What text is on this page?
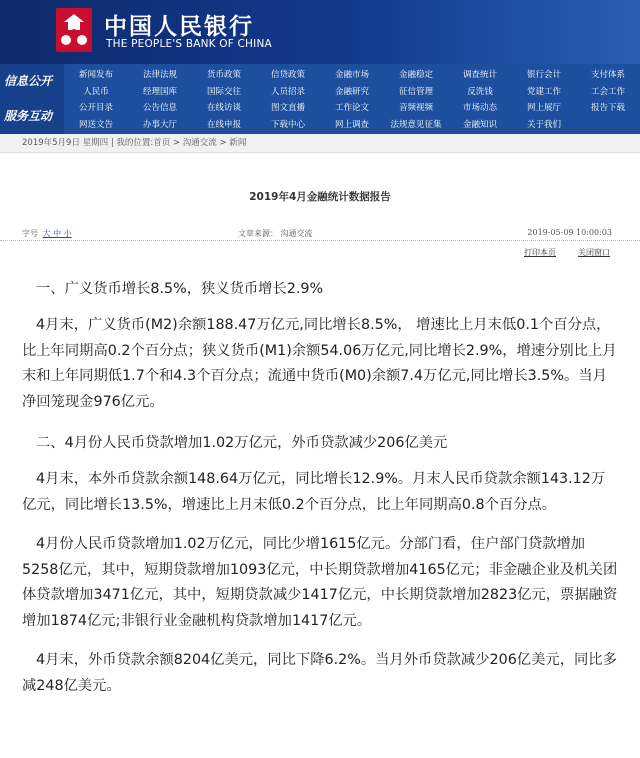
中国人民银行
THE PEOPLE'S BANK OF CHINA
信息公开
服务互动
新闻发布	法律法规	货币政策	信贷政策	金融市场	金融稳定	调查统计	银行会计	支付体系
人民币	经理国库	国际交往	人员招录	金融研究	征信管理	反洗钱	党建工作	工会工作
公开目录	公告信息	在线访谈	图文直播	工作论文	音频视频	市场动态	网上展厅	报告下载
网送文告	办事大厅	在线申报	下载中心	网上调查	法规意见征集	金融知识	关于我们
2019年5月9日 星期四 | 我的位置:首页 > 沟通交流 > 新闻
2019年4月金融统计数据报告
字号 大 中 小	文章来源： 沟通交流	2019-05-09 10:00:03
打印本页	关闭窗口
一、广义货币增长8.5%，狭义货币增长2.9%
4月末，广义货币(M2)余额188.47万亿元,同比增长8.5%， 增速比上月末低0.1个百分点，比上年同期高0.2个百分点；狭义货币(M1)余额54.06万亿元,同比增长2.9%，增速分别比上月末和上年同期低1.7个和4.3个百分点；流通中货币(M0)余额7.4万亿元,同比增长3.5%。当月净回笼现金976亿元。
二、4月份人民币贷款增加1.02万亿元，外币贷款减少206亿美元
4月末，本外币贷款余额148.64万亿元，同比增长12.9%。月末人民币贷款余额143.12万亿元，同比增长13.5%，增速比上月末低0.2个百分点，比上年同期高0.8个百分点。
4月份人民币贷款增加1.02万亿元，同比少增1615亿元。分部门看，住户部门贷款增加5258亿元，其中，短期贷款增加1093亿元，中长期贷款增加4165亿元；非金融企业及机关团体贷款增加3471亿元，其中，短期贷款减少1417亿元，中长期贷款增加2823亿元，票据融资增加1874亿元;非银行业金融机构贷款增加1417亿元。
4月末，外币贷款余额8204亿美元，同比下降6.2%。当月外币贷款减少206亿美元，同比多减248亿美元。
